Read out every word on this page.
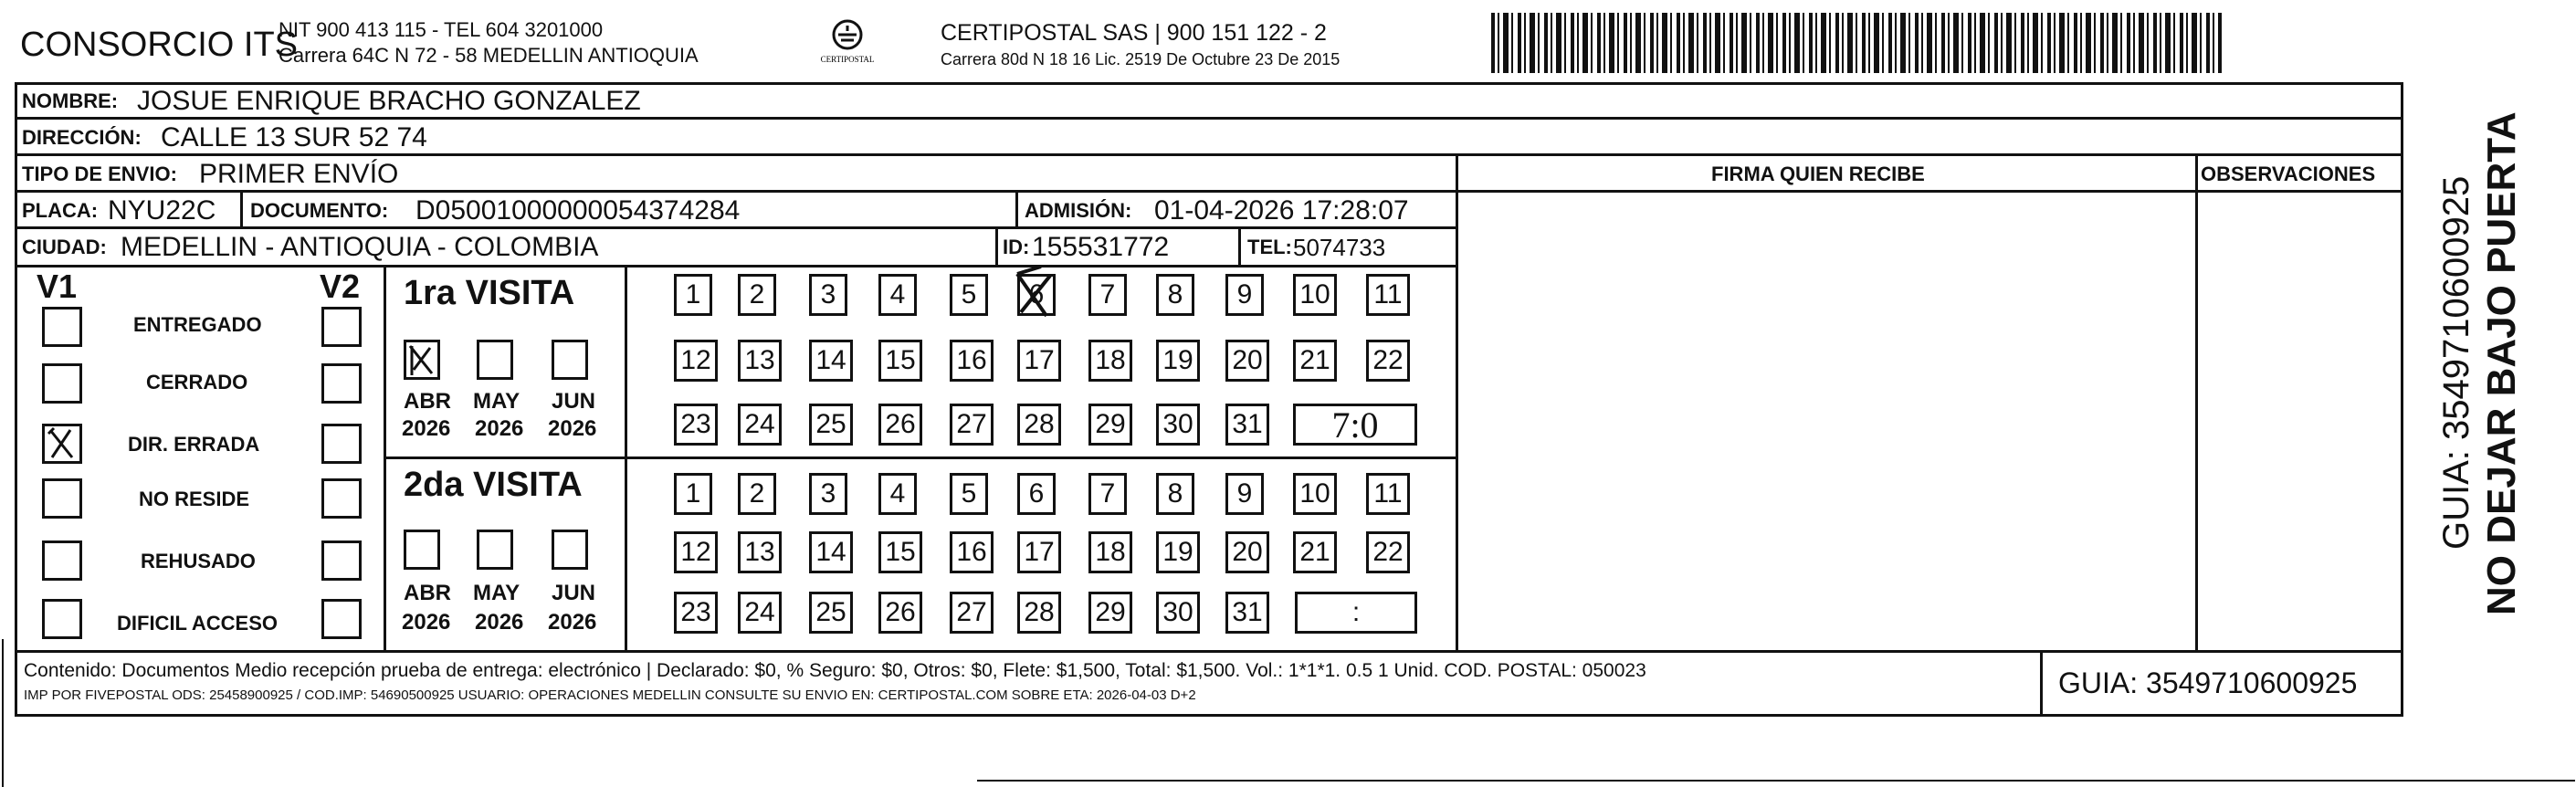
CONSORCIO ITS
NIT 900 413 115 - TEL 604 3201000
Carrera 64C N 72 - 58 MEDELLIN ANTIOQUIA	CERTIPOSTAL
CERTIPOSTAL SAS | 900 151 122 - 2
Carrera 80d N 18 16 Lic. 2519 De Octubre 23 De 2015
NOMBRE: JOSUE ENRIQUE BRACHO GONZALEZ
DIRECCIÓN: CALLE 13 SUR 52 74
TIPO DE ENVIO: PRIMER ENVÍO	FIRMA QUIEN RECIBE	OBSERVACIONES
PLACA: NYU22C DOCUMENTO: D05001000000054374284	ADMISIÓN: 01-04-2026 17:28:07
CIUDAD: MEDELLIN - ANTIOQUIA - COLOMBIA	ID: 155531772	TEL: 5074733
V1	V2
ENTREGADO
CERRADO
DIR. ERRADA
NO RESIDE
REHUSADO
DIFICIL ACCESO
1ra VISITA
ABR
2026
MAY
2026
JUN
2026
1	2	3	4	5	6	7	8	9	10 11
12 13 14 15 16 17 18 19 20 21 22
23 24 25 26 27 28 29 30 31	7:0
2da VISITA
ABR
2026
MAY
2026
JUN
2026
1	2	3	4	5	6	7	8	9	10 11
12 13 14 15 16 17 18 19 20 21 22
23 24 25 26 27 28 29 30 31	:
Contenido: Documentos Medio recepción prueba de entrega: electrónico | Declarado: $0, % Seguro: $0, Otros: $0, Flete: $1,500, Total: $1,500. Vol.: 1*1*1. 0.5 1 Unid. COD. POSTAL: 050023
IMP POR FIVEPOSTAL ODS: 25458900925 / COD.IMP: 54690500925 USUARIO: OPERACIONES MEDELLIN CONSULTE SU ENVIO EN: CERTIPOSTAL.COM SOBRE ETA: 2026-04-03 D+2	GUIA: 3549710600925
NO DEJAR BAJO PUERTA
GUIA: 3549710600925
